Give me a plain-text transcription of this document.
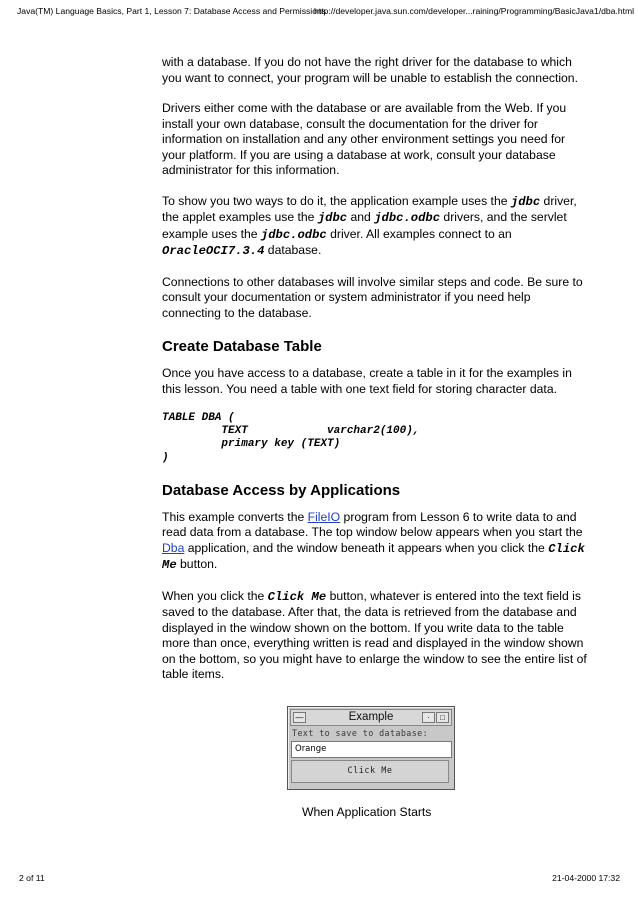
Java(TM) Language Basics, Part 1, Lesson 7: Database Access and Permissions
http://developer.java.sun.com/developer...raining/Programming/BasicJava1/dba.html

with a database. If you do not have the right driver for the database to which you want to connect, your program will be unable to establish the connection.

Drivers either come with the database or are available from the Web. If you install your own database, consult the documentation for the driver for information on installation and any other environment settings you need for your platform. If you are using a database at work, consult your database administrator for this information.

To show you two ways to do it, the application example uses the jdbc driver, the applet examples use the jdbc and jdbc.odbc drivers, and the servlet example uses the jdbc.odbc driver. All examples connect to an OracleOCI7.3.4 database.

Connections to other databases will involve similar steps and code. Be sure to consult your documentation or system administrator if you need help connecting to the database.

Create Database Table

Once you have access to a database, create a table in it for the examples in this lesson. You need a table with one text field for storing character data.

TABLE DBA (
TEXT            varchar2(100),
primary key (TEXT)
)
Database Access by Applications

This example converts the FileIO program from Lesson 6 to write data to and read data from a database. The top window below appears when you start the Dba application, and the window beneath it appears when you click the Click Me button.

When you click the Click Me button, whatever is entered into the text field is saved to the database. After that, the data is retrieved from the database and displayed in the window shown on the bottom. If you write data to the table more than once, everything written is read and displayed in the window shown on the bottom, so you might have to enlarge the window to see the entire list of table items.

—	Example	·	□
Text to save to database:
Orange
Click Me
When Application Starts
2 of 11	21-04-2000 17:32
